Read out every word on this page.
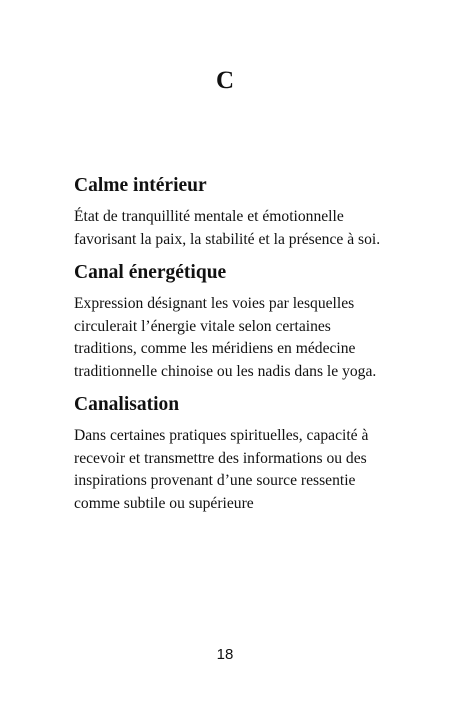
C
Calme intérieur

État de tranquillité mentale et émotionnelle favorisant la paix, la stabilité et la présence à soi.

Canal énergétique

Expression désignant les voies par lesquelles circulerait l’énergie vitale selon certaines traditions, comme les méridiens en médecine traditionnelle chinoise ou les nadis dans le yoga.

Canalisation

Dans certaines pratiques spirituelles, capacité à recevoir et transmettre des informations ou des inspirations provenant d’une source ressentie comme subtile ou supérieure

18
